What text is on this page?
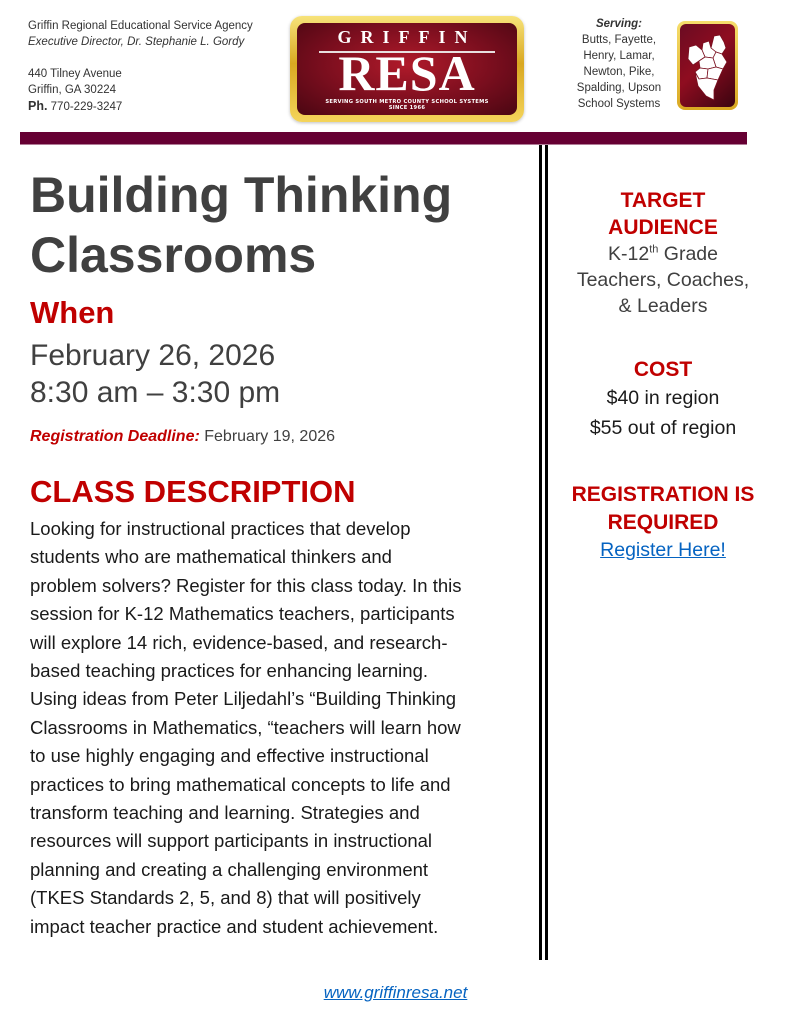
Griffin Regional Educational Service Agency
Executive Director, Dr. Stephanie L. Gordy
440 Tilney Avenue
Griffin, GA 30224
Ph. 770-229-3247
GRIFFIN
RESA
SERVING SOUTH METRO COUNTY SCHOOL SYSTEMS
SINCE 1966
Serving:
Butts, Fayette,
Henry, Lamar,
Newton, Pike,
Spalding, Upson
School Systems
Building Thinking
Classrooms
When
February 26, 2026
8:30 am – 3:30 pm
Registration Deadline: February 19, 2026
CLASS DESCRIPTION
Looking for instructional practices that develop
students who are mathematical thinkers and
problem solvers? Register for this class today. In this
session for K-12 Mathematics teachers, participants
will explore 14 rich, evidence-based, and research-
based teaching practices for enhancing learning.
Using ideas from Peter Liljedahl’s “Building Thinking
Classrooms in Mathematics, “teachers will learn how
to use highly engaging and effective instructional
practices to bring mathematical concepts to life and
transform teaching and learning. Strategies and
resources will support participants in instructional
planning and creating a challenging environment
(TKES Standards 2, 5, and 8) that will positively
impact teacher practice and student achievement.
TARGET
AUDIENCE
K-12th Grade
Teachers, Coaches,
& Leaders
COST
$40 in region
$55 out of region
REGISTRATION IS
REQUIRED
Register Here!
www.griffinresa.net
